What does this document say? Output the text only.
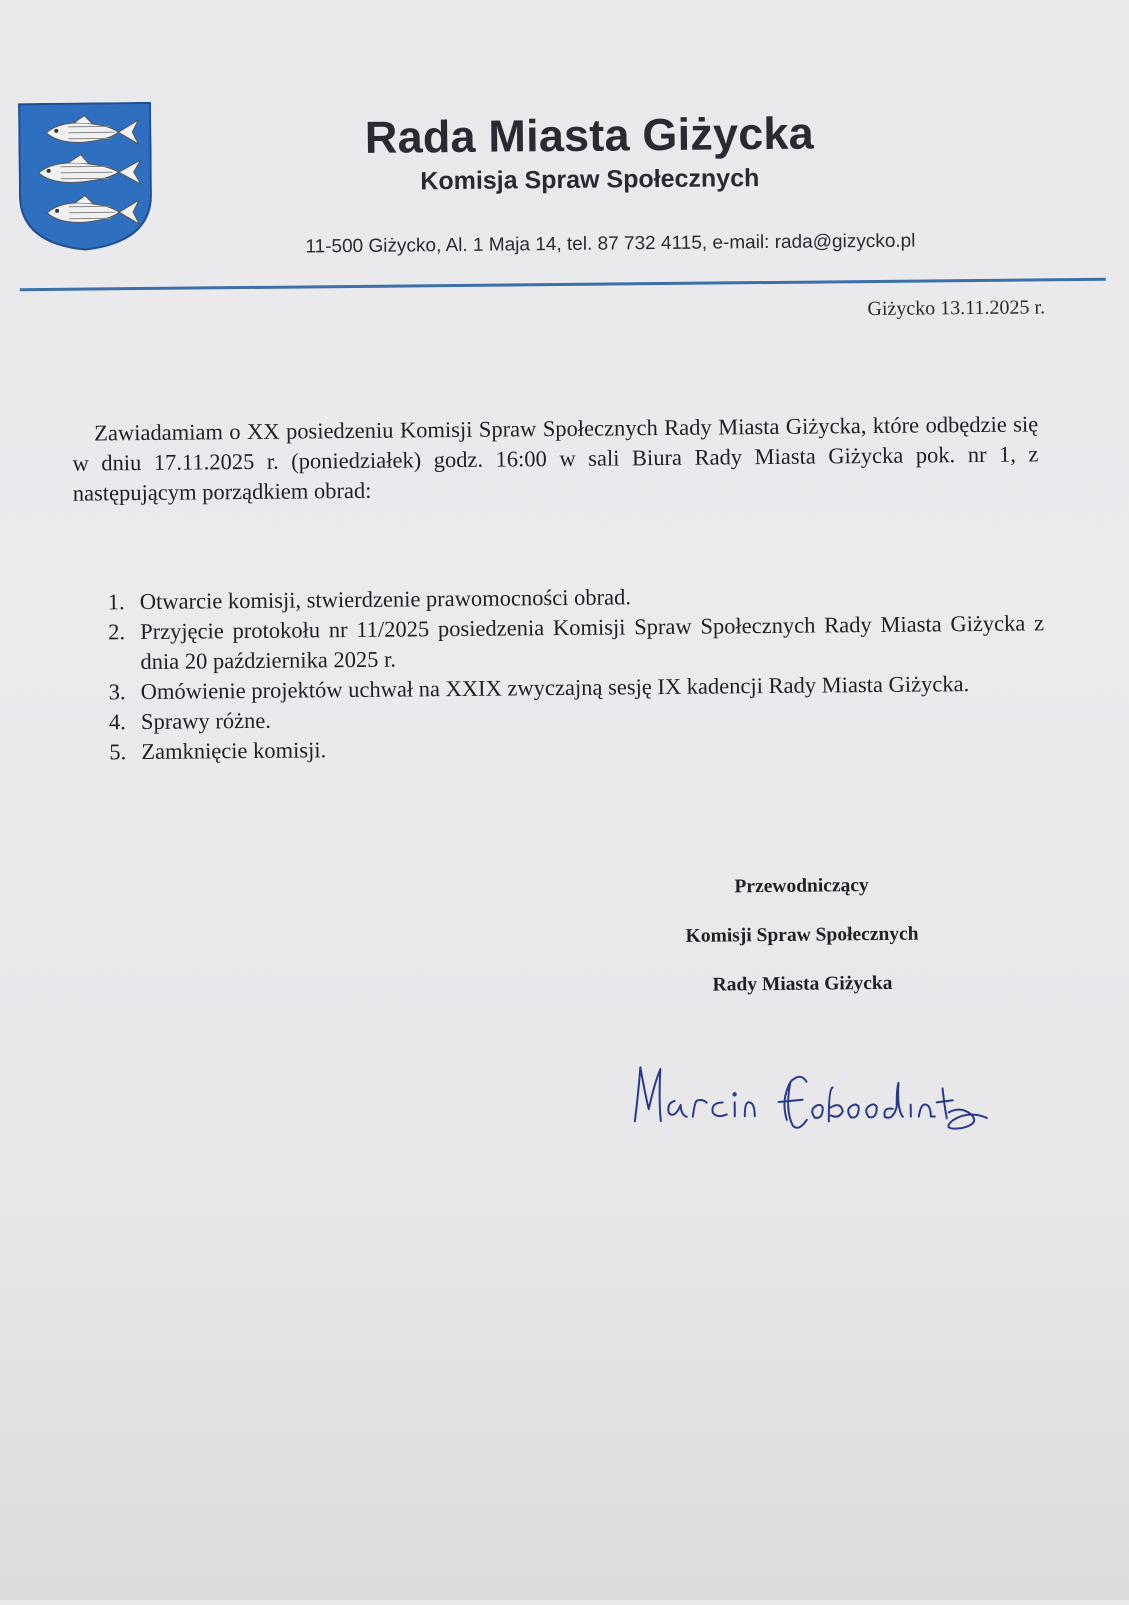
Rada Miasta Giżycka
Komisja Spraw Społecznych
11-500 Giżycko, Al. 1 Maja 14, tel. 87 732 4115, e-mail: rada@gizycko.pl
Giżycko 13.11.2025 r.
Zawiadamiam o XX posiedzeniu Komisji Spraw Społecznych Rady Miasta Giżycka, które odbędzie się w dniu 17.11.2025 r. (poniedziałek) godz. 16:00 w sali Biura Rady Miasta Giżycka pok. nr 1, z następującym porządkiem obrad:
1. Otwarcie komisji, stwierdzenie prawomocności obrad.
2. Przyjęcie protokołu nr 11/2025 posiedzenia Komisji Spraw Społecznych Rady Miasta Giżycka z dnia 20 października 2025 r.
3. Omówienie projektów uchwał na XXIX zwyczajną sesję IX kadencji Rady Miasta Giżycka.
4. Sprawy różne.
5. Zamknięcie komisji.
Przewodniczący
Komisji Spraw Społecznych
Rady Miasta Giżycka
